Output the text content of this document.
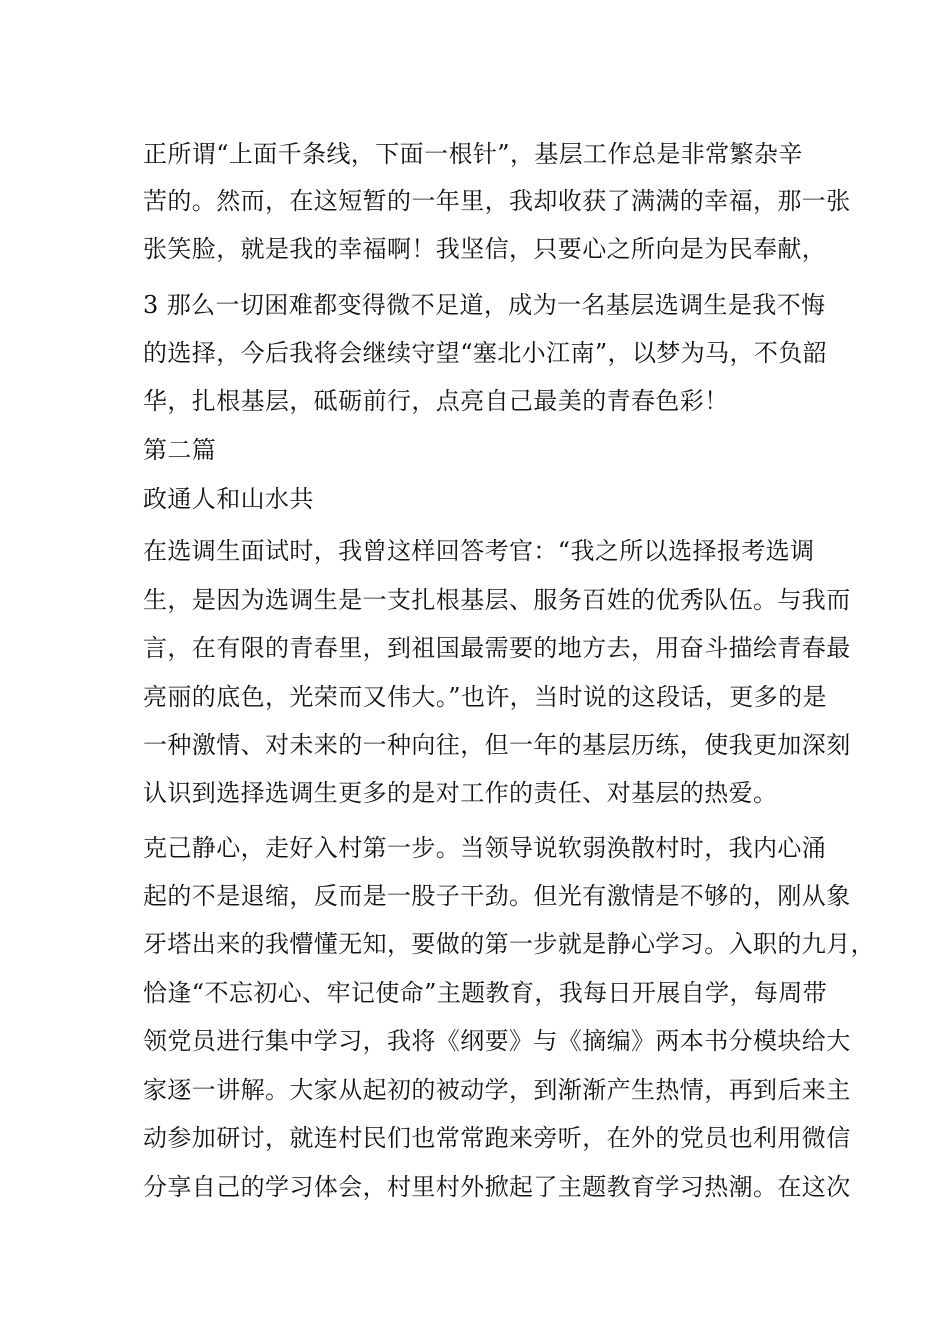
正所谓“上面千条线，下面一根针”，基层工作总是非常繁杂辛
苦的。然而，在这短暂的一年里，我却收获了满满的幸福，那一张
张笑脸，就是我的幸福啊！我坚信，只要心之所向是为民奉献，
3 那么一切困难都变得微不足道，成为一名基层选调生是我不悔
的选择，今后我将会继续守望“塞北小江南”，以梦为马，不负韶
华，扎根基层，砥砺前行，点亮自己最美的青春色彩！
第二篇
政通人和山水共
在选调生面试时，我曾这样回答考官：“我之所以选择报考选调
生，是因为选调生是一支扎根基层、服务百姓的优秀队伍。与我而
言，在有限的青春里，到祖国最需要的地方去，用奋斗描绘青春最
亮丽的底色，光荣而又伟大。”也许，当时说的这段话，更多的是
一种激情、对未来的一种向往，但一年的基层历练，使我更加深刻
认识到选择选调生更多的是对工作的责任、对基层的热爱。
克己静心，走好入村第一步。当领导说软弱涣散村时，我内心涌
起的不是退缩，反而是一股子干劲。但光有激情是不够的，刚从象
牙塔出来的我懵懂无知，要做的第一步就是静心学习。入职的九月，
恰逢“不忘初心、牢记使命”主题教育，我每日开展自学，每周带
领党员进行集中学习，我将《纲要》与《摘编》两本书分模块给大
家逐一讲解。大家从起初的被动学，到渐渐产生热情，再到后来主
动参加研讨，就连村民们也常常跑来旁听，在外的党员也利用微信
分享自己的学习体会，村里村外掀起了主题教育学习热潮。在这次
